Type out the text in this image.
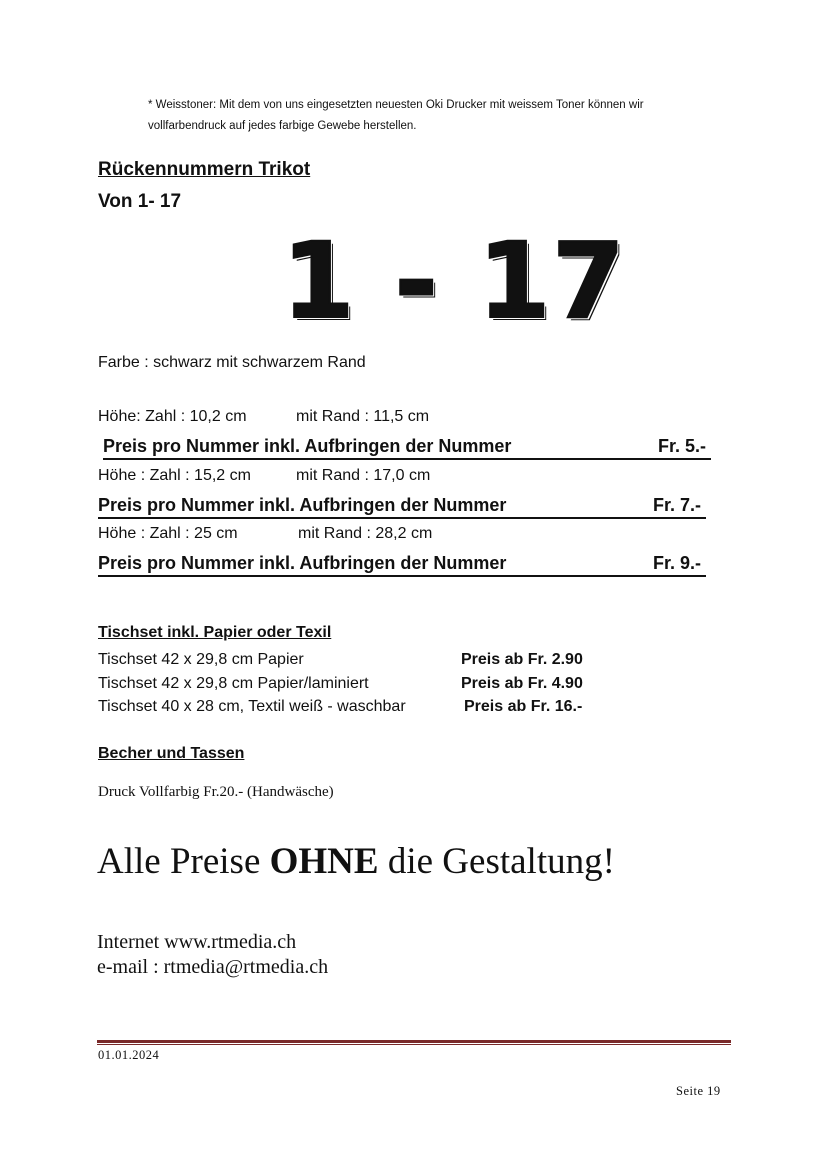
* Weisstoner: Mit dem von uns eingesetzten neuesten Oki Drucker mit weissem Toner können wir
vollfarbendruck auf jedes farbige Gewebe herstellen.
Rückennummern Trikot
Von 1- 17
1 - 17
Farbe : schwarz mit schwarzem Rand
Höhe: Zahl : 10,2 cm	mit Rand : 11,5 cm
Preis pro Nummer inkl. Aufbringen der Nummer	Fr. 5.-
Höhe : Zahl : 15,2 cm	mit Rand : 17,0 cm
Preis pro Nummer inkl. Aufbringen der Nummer	Fr. 7.-
Höhe : Zahl : 25 cm	mit Rand : 28,2 cm
Preis pro Nummer inkl. Aufbringen der Nummer	Fr. 9.-
Tischset inkl. Papier oder Texil
Tischset 42 x 29,8 cm Papier	Preis ab Fr. 2.90
Tischset 42 x 29,8 cm Papier/laminiert	Preis ab Fr. 4.90
Tischset 40 x 28 cm, Textil weiß - waschbar	Preis ab Fr. 16.-
Becher und Tassen
Druck Vollfarbig Fr.20.- (Handwäsche)
Alle Preise OHNE die Gestaltung!
Internet www.rtmedia.ch
e-mail : rtmedia@rtmedia.ch
01.01.2024
Seite 19
